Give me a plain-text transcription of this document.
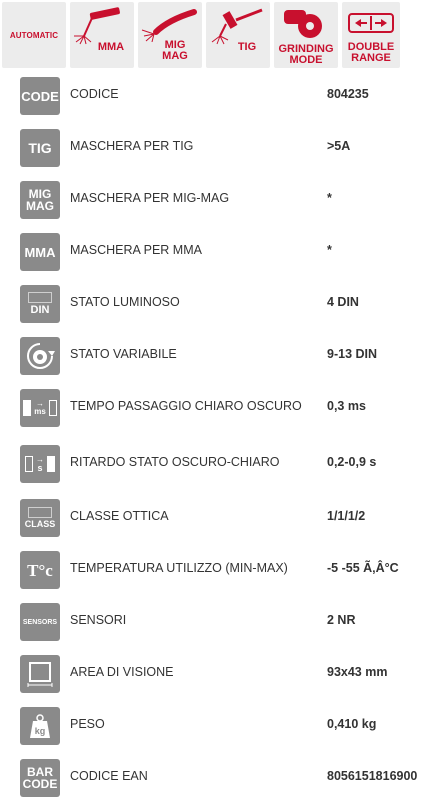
AUTOMATIC
MMA	MIG
MAG
TIG	GRINDING
MODE
DOUBLE
RANGE
CODE CODICE	804235
TIG MASCHERA PER TIG	>5A
MIG
MAG
MASCHERA PER MIG-MAG	*
MMA MASCHERA PER MMA	*
DIN
STATO LUMINOSO	4 DIN
STATO VARIABILE	9-13 DIN
→
ms TEMPO PASSAGGIO CHIARO OSCURO 0,3 ms
→
s RITARDO STATO OSCURO-CHIARO	0,2-0,9 s
CLASS
CLASSE OTTICA	1/1/1/2
T°c TEMPERATURA UTILIZZO (MIN-MAX)	-5 -55 Ã‚Â°C
SENSORS SENSORI	2 NR
AREA DI VISIONE	93x43 mm
kg PESO	0,410 kg
BAR
CODE
CODICE EAN	8056151816900
